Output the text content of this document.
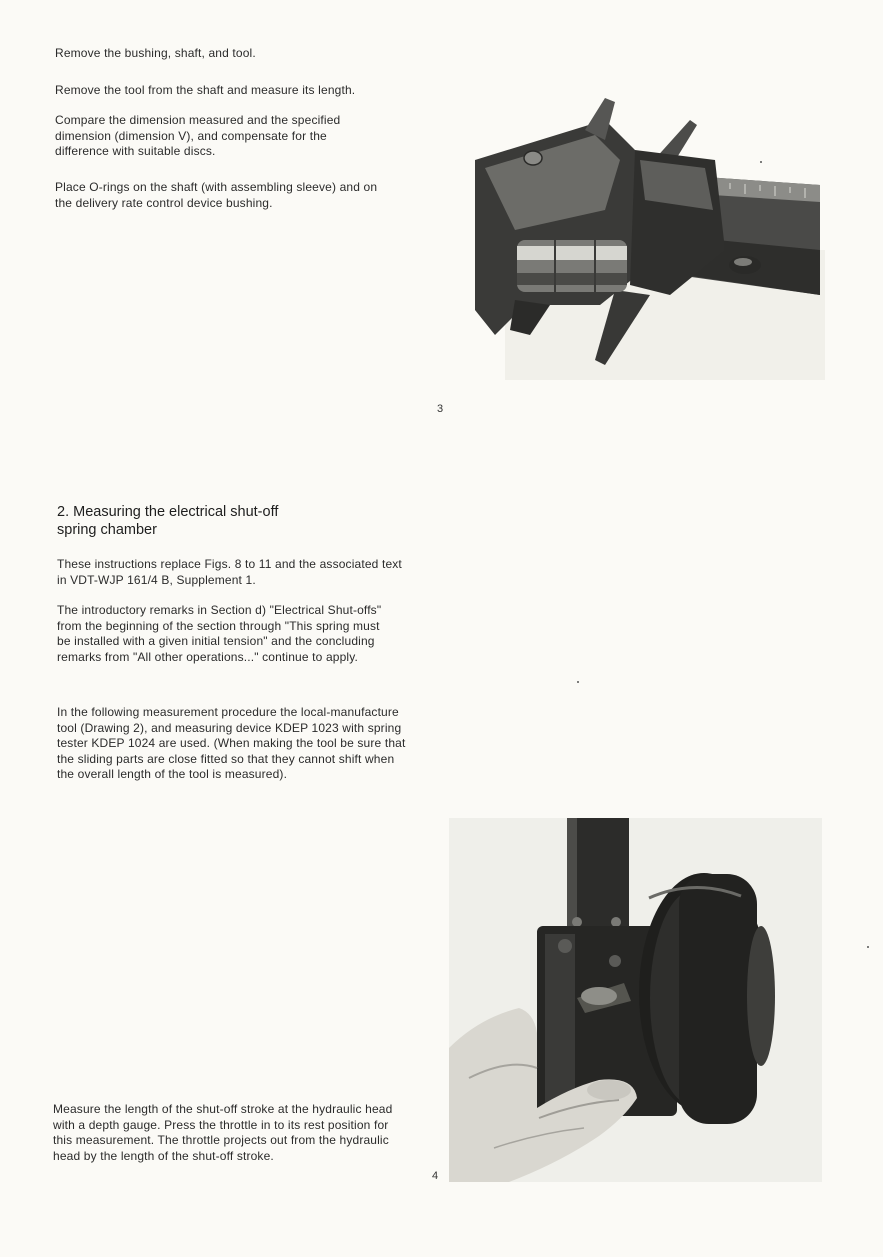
Remove the bushing, shaft, and tool.

Remove the tool from the shaft and measure its length.

Compare the dimension measured and the specified dimension (dimension V), and compensate for the difference with suitable discs.

Place O-rings on the shaft (with assembling sleeve) and on the delivery rate control device bushing.

3
2. Measuring the electrical shut-off
spring chamber

These instructions replace Figs. 8 to 11 and the associated text in VDT-WJP 161/4 B, Supplement 1.

The introductory remarks in Section d) "Electrical Shut-offs" from the beginning of the section through "This spring must be installed with a given initial tension" and the concluding remarks from "All other operations..." continue to apply.

In the following measurement procedure the local-manufacture tool (Drawing 2), and measuring device KDEP 1023 with spring tester KDEP 1024 are used. (When making the tool be sure that the sliding parts are close fitted so that they cannot shift when the overall length of the tool is measured).

Measure the length of the shut-off stroke at the hydraulic head with a depth gauge. Press the throttle in to its rest position for this measurement. The throttle projects out from the hydraulic head by the length of the shut-off stroke.

4
